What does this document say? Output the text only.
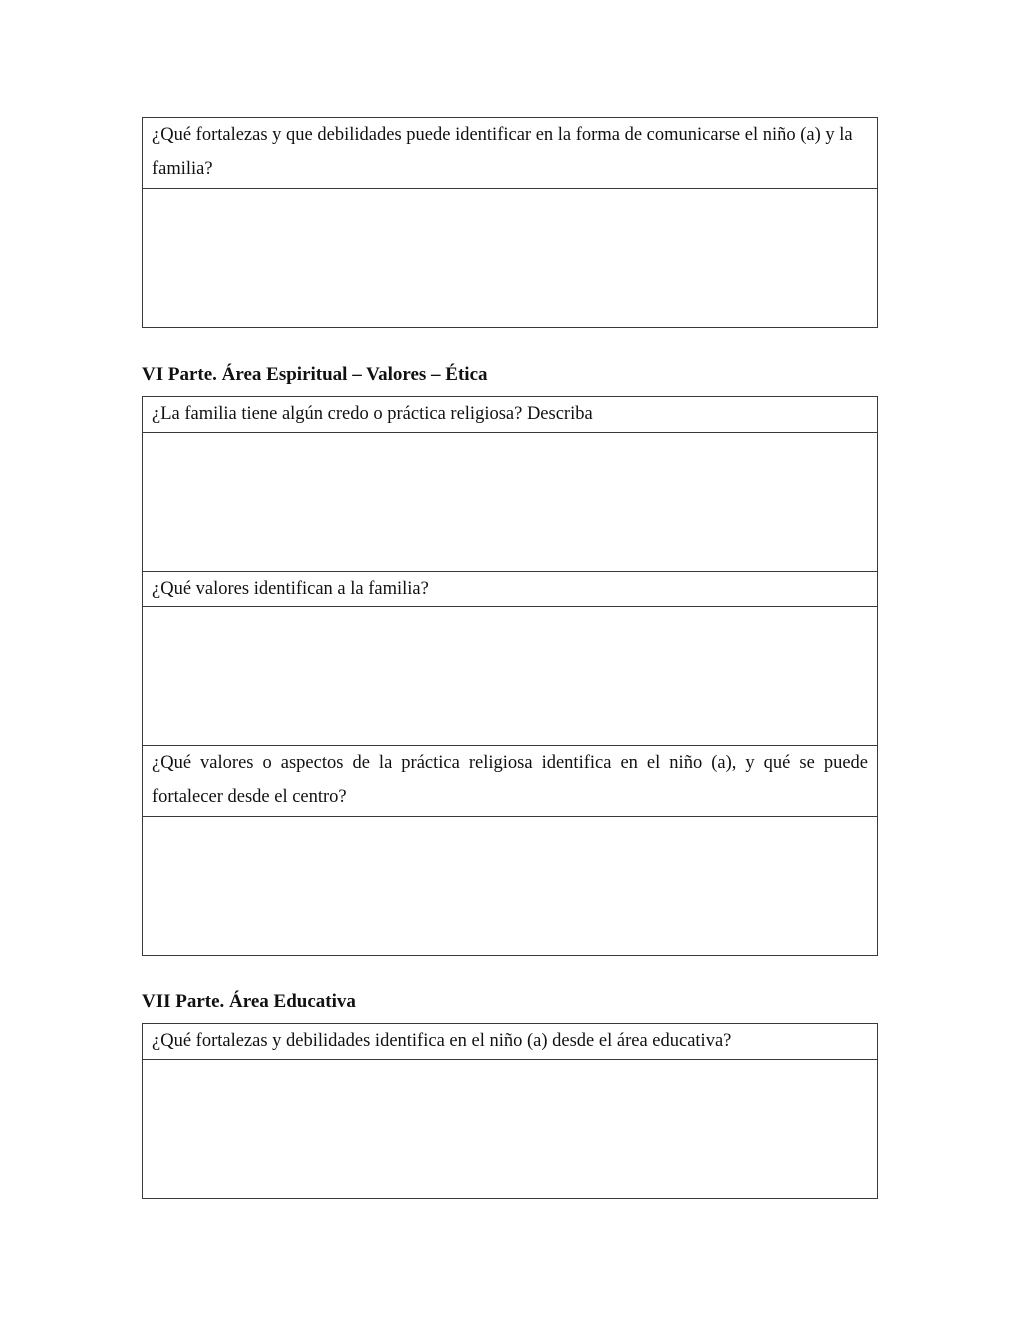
¿Qué fortalezas y que debilidades puede identificar en la forma de comunicarse el niño (a) y la familia?

VI Parte. Área Espiritual – Valores – Ética
¿La familia tiene algún credo o práctica religiosa? Describa

¿Qué valores identifican a la familia?

¿Qué valores o aspectos de la práctica religiosa identifica en el niño (a), y qué se puede fortalecer desde el centro?

VII Parte. Área Educativa
¿Qué fortalezas y debilidades identifica en el niño (a) desde el área educativa?
